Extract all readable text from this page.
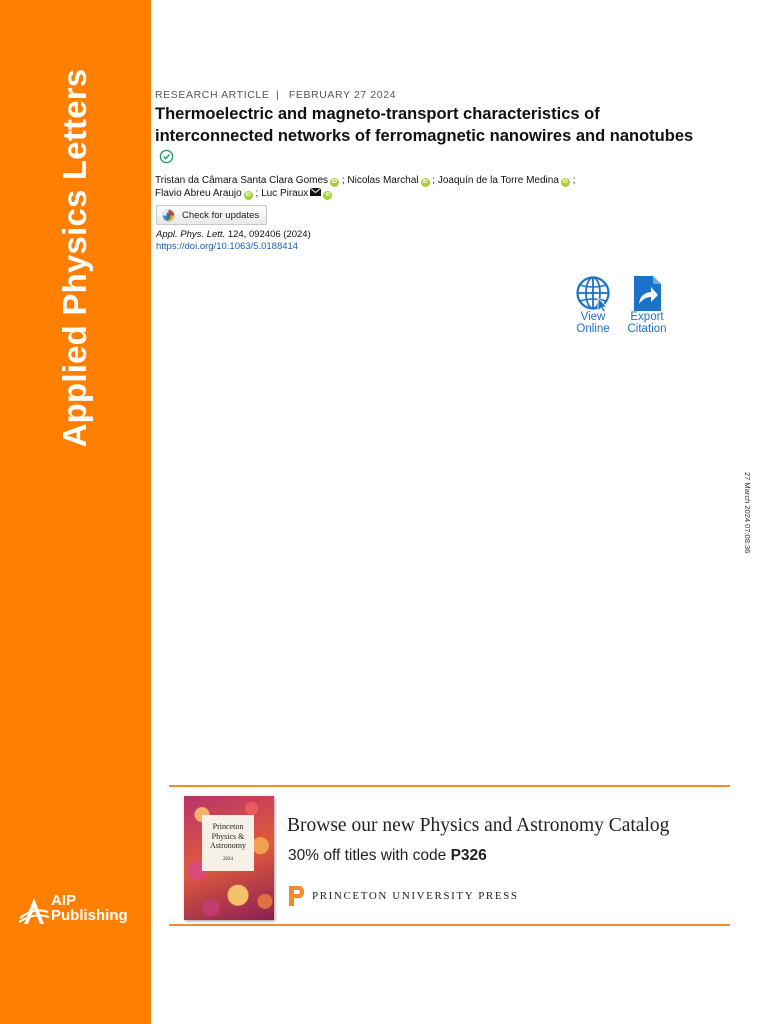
Applied Physics Letters
AIP
Publishing
RESEARCH ARTICLE | FEBRUARY 27 2024
Thermoelectric and magneto-transport characteristics of interconnected networks of ferromagnetic nanowires and nanotubes
Tristan da Câmara Santa Clara Gomes iD ; Nicolas Marchal iD ; Joaquín de la Torre Medina iD ;
Flavio Abreu Araujo iD ; Luc Piraux	iD
Check for updates
Appl. Phys. Lett. 124, 092406 (2024)
https://doi.org/10.1063/5.0188414
View
Online
Export
Citation
27 March 2024 07:08:36
Princeton
Physics &
Astronomy
2024
Browse our new Physics and Astronomy Catalog
30% off titles with code P326
PRINCETON UNIVERSITY PRESS
